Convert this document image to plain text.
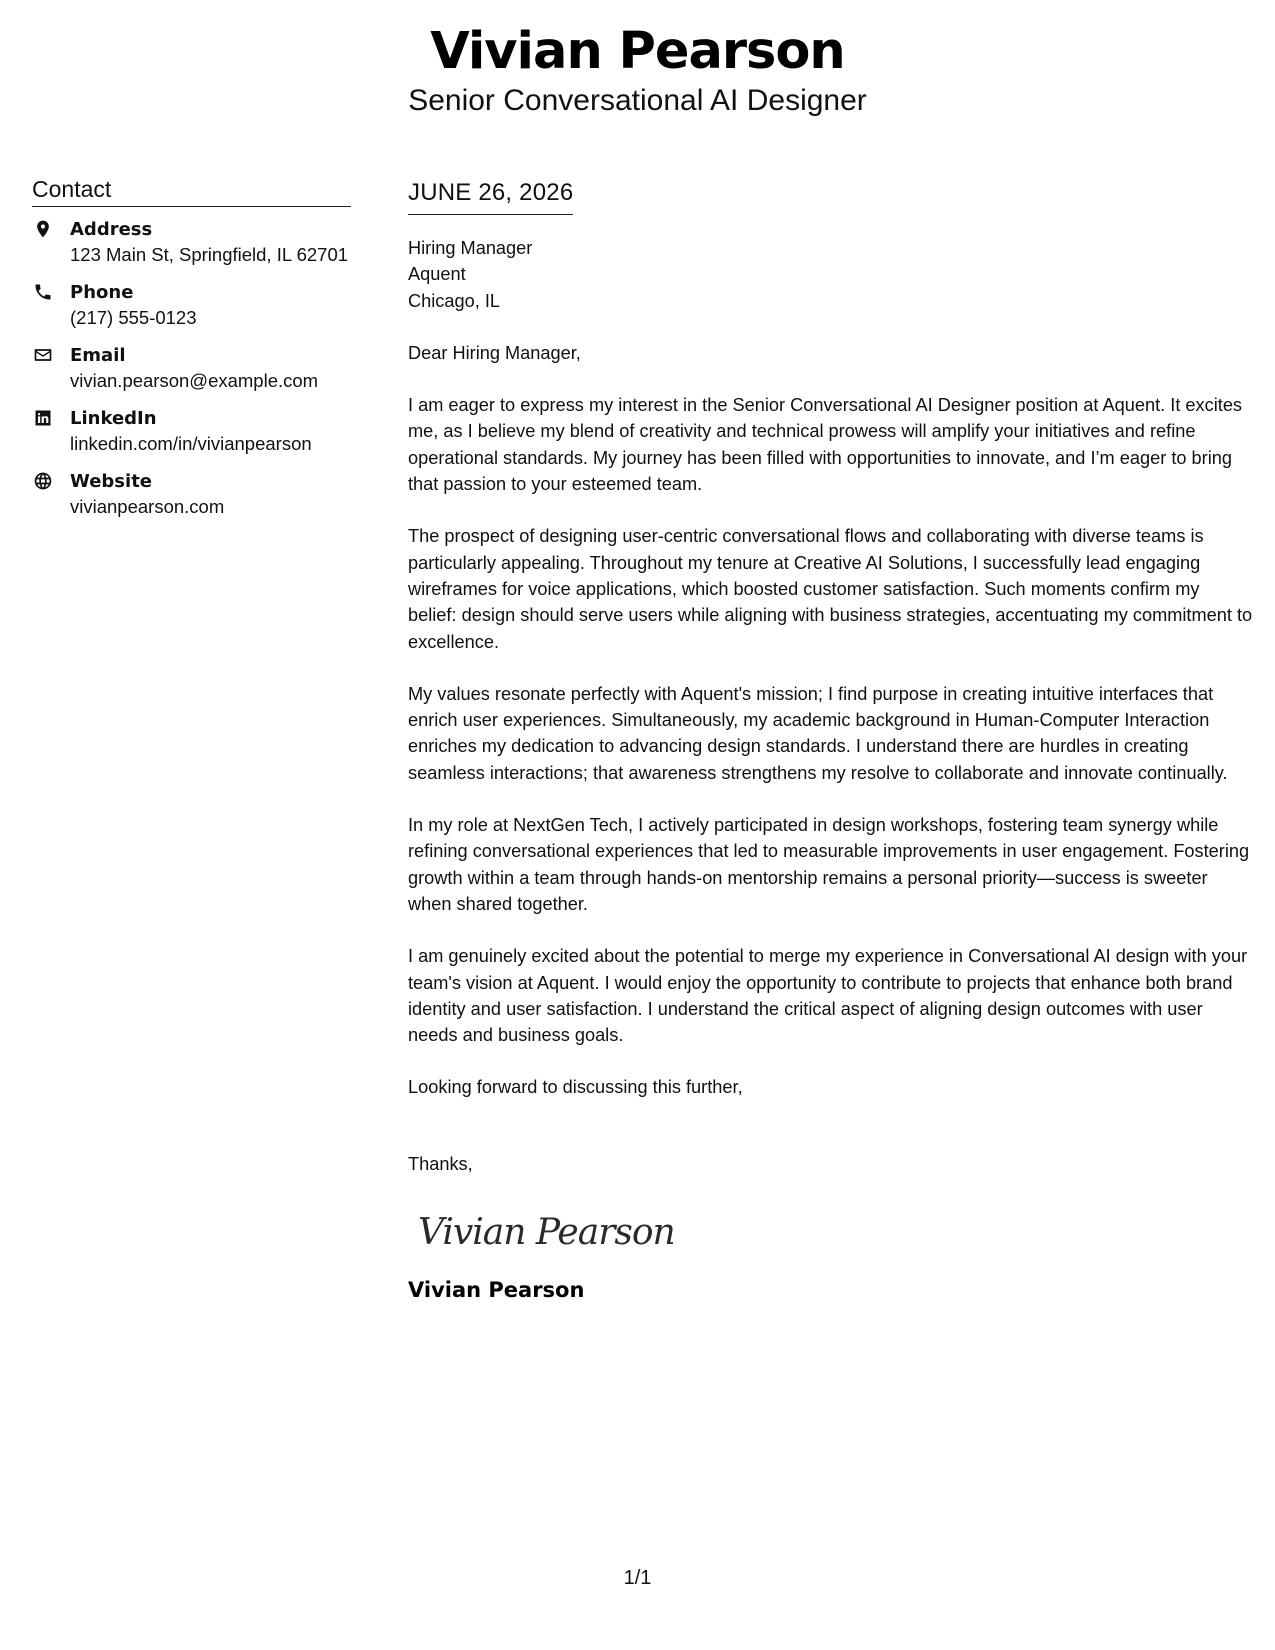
Vivian Pearson
Senior Conversational AI Designer
Contact
Address
123 Main St, Springfield, IL 62701
Phone
(217) 555-0123
Email
vivian.pearson@example.com
LinkedIn
linkedin.com/in/vivianpearson
Website
vivianpearson.com
JUNE 26, 2026
Hiring Manager
Aquent
Chicago, IL

Dear Hiring Manager,

I am eager to express my interest in the Senior Conversational AI Designer position at Aquent. It excites me, as I believe my blend of creativity and technical prowess will amplify your initiatives and refine operational standards. My journey has been filled with opportunities to innovate, and I’m eager to bring that passion to your esteemed team.

The prospect of designing user-centric conversational flows and collaborating with diverse teams is particularly appealing. Throughout my tenure at Creative AI Solutions, I successfully lead engaging wireframes for voice applications, which boosted customer satisfaction. Such moments confirm my belief: design should serve users while aligning with business strategies, accentuating my commitment to excellence.

My values resonate perfectly with Aquent's mission; I find purpose in creating intuitive interfaces that enrich user experiences. Simultaneously, my academic background in Human-Computer Interaction enriches my dedication to advancing design standards. I understand there are hurdles in creating seamless interactions; that awareness strengthens my resolve to collaborate and innovate continually.

In my role at NextGen Tech, I actively participated in design workshops, fostering team synergy while refining conversational experiences that led to measurable improvements in user engagement. Fostering growth within a team through hands-on mentorship remains a personal priority—success is sweeter when shared together.

I am genuinely excited about the potential to merge my experience in Conversational AI design with your team's vision at Aquent. I would enjoy the opportunity to contribute to projects that enhance both brand identity and user satisfaction. I understand the critical aspect of aligning design outcomes with user needs and business goals.

Looking forward to discussing this further,

Thanks,
Vivian Pearson
Vivian Pearson
1/1
